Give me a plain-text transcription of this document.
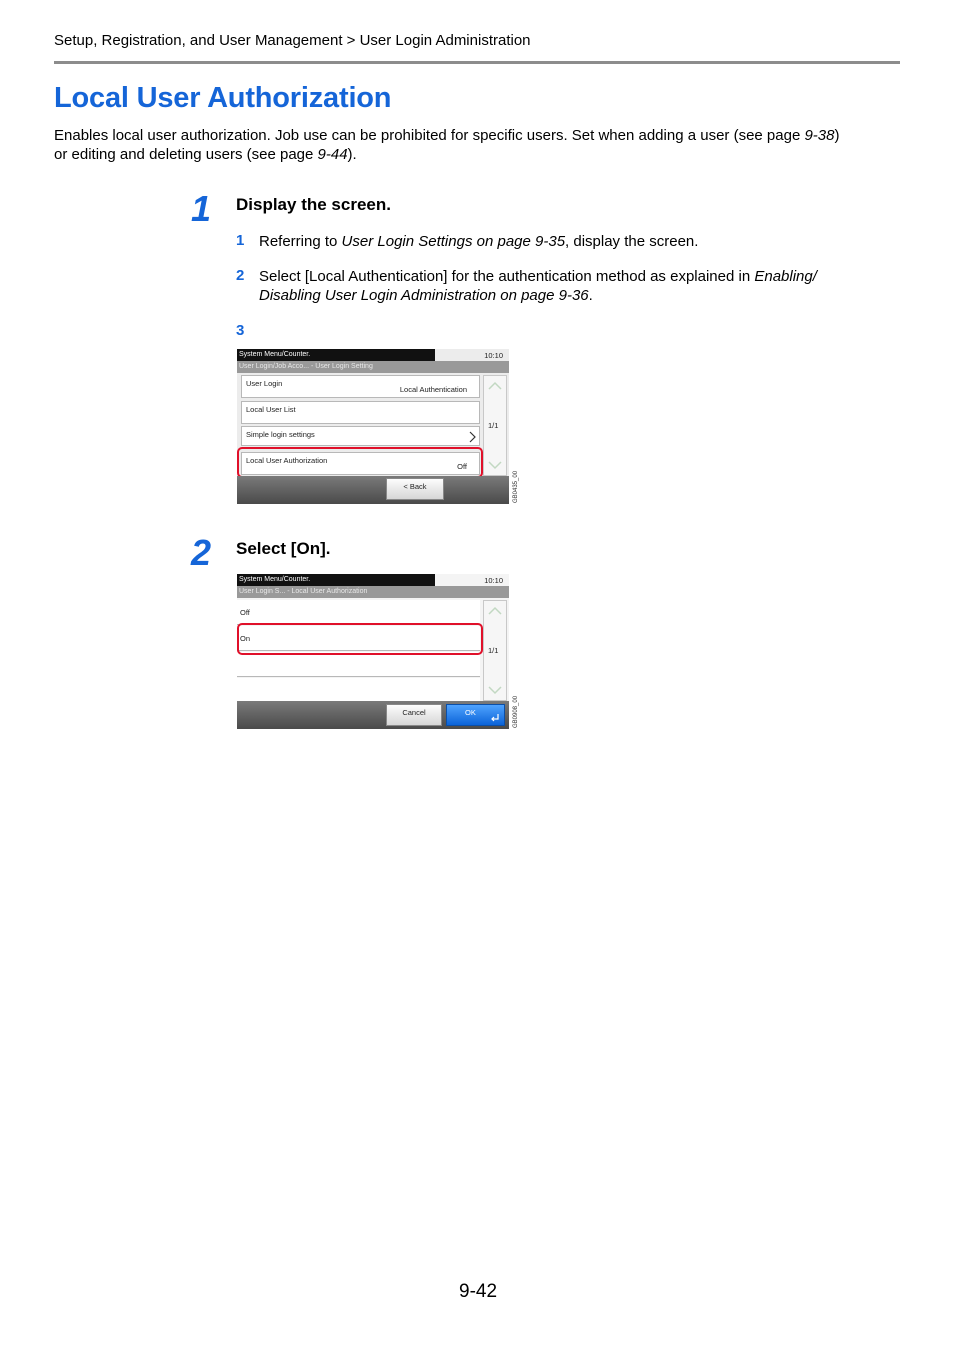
Setup, Registration, and User Management > User Login Administration
Local User Authorization
Enables local user authorization. Job use can be prohibited for specific users. Set when adding a user (see page 9-38)
or editing and deleting users (see page 9-44).
1 Display the screen.
1 Referring to User Login Settings on page 9-35, display the screen.
2 Select [Local Authentication] for the authentication method as explained in Enabling/
Disabling User Login Administration on page 9-36.
3
System Menu/Counter.	10:10
User Login/Job Acco... - User Login Setting
User Login
Local Authentication
Local User List
Simple login settings
Local User Authorization
Off
1/1
< Back	GB0435_00
2 Select [On].
System Menu/Counter.	10:10
User Login S... - Local User Authorization
Off
On
1/1
Cancel	OK	GB0908_00
9-42
